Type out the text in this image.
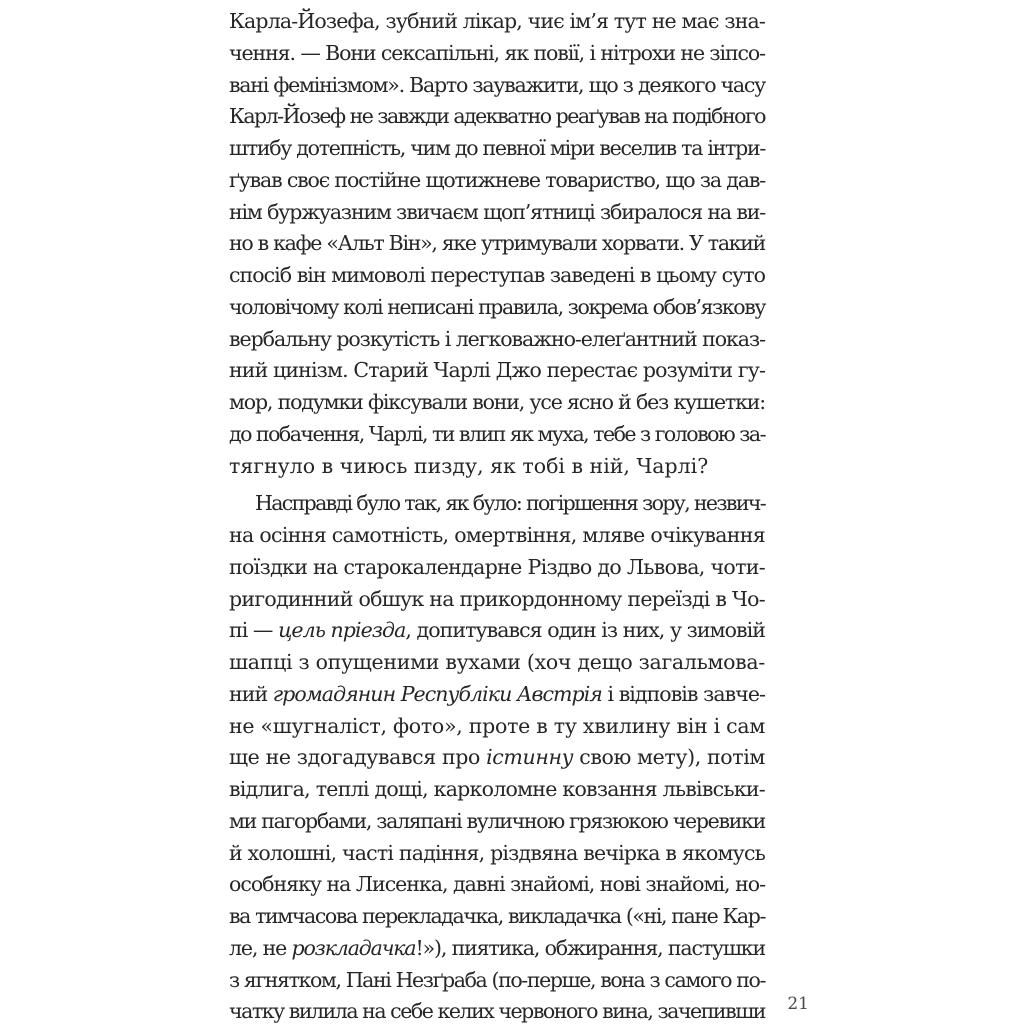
Карла-Йозефа, зубний лікар, чиє ім’я тут не має зна-
чення. — Вони сексапільні, як повії, і нітрохи не зіпсо-
вані фемінізмом». Варто зауважити, що з деякого часу
Карл-Йозеф не завжди адекватно реаґував на подібного
штибу дотепність, чим до певної міри веселив та інтри-
ґував своє постійне щотижневе товариство, що за дав-
нім буржуазним звичаєм щоп’ятниці збиралося на ви-
но в кафе «Альт Він», яке утримували хорвати. У такий
спосіб він мимоволі переступав заведені в цьому суто
чоловічому колі неписані правила, зокрема обов’язкову
вербальну розкутість і легковажно-елеґантний показ-
ний цинізм. Старий Чарлі Джо перестає розуміти гу-
мор, подумки фіксували вони, усе ясно й без кушетки:
до побачення, Чарлі, ти влип як муха, тебе з головою за-
тягнуло в чиюсь пизду, як тобі в ній, Чарлі?
Насправді було так, як було: погіршення зору, незвич-
на осіння самотність, омертвіння, мляве очікування
поїздки на старокалендарне Різдво до Львова, чоти-
ригодинний обшук на прикордонному переїзді в Чо-
пі — цель пріезда, допитувався один із них, у зимовій
шапці з опущеними вухами (хоч дещо загальмова-
ний громадянин Республіки Австрія і відповів завче-
не «шугналіст, фото», проте в ту хвилину він і сам
ще не здогадувався про істинну свою мету), потім
відлига, теплі дощі, карколомне ковзання львівськи-
ми пагорбами, заляпані вуличною грязюкою черевики
й холошні, часті падіння, різдвяна вечірка в якомусь
особняку на Лисенка, давні знайомі, нові знайомі, но-
ва тимчасова перекладачка, викладачка («ні, пане Кар-
ле, не розкладачка!»), пиятика, обжирання, пастушки
з ягнятком, Пані Незґраба (по-перше, вона з самого по-
чатку вилила на себе келих червоного вина, зачепивши	21
